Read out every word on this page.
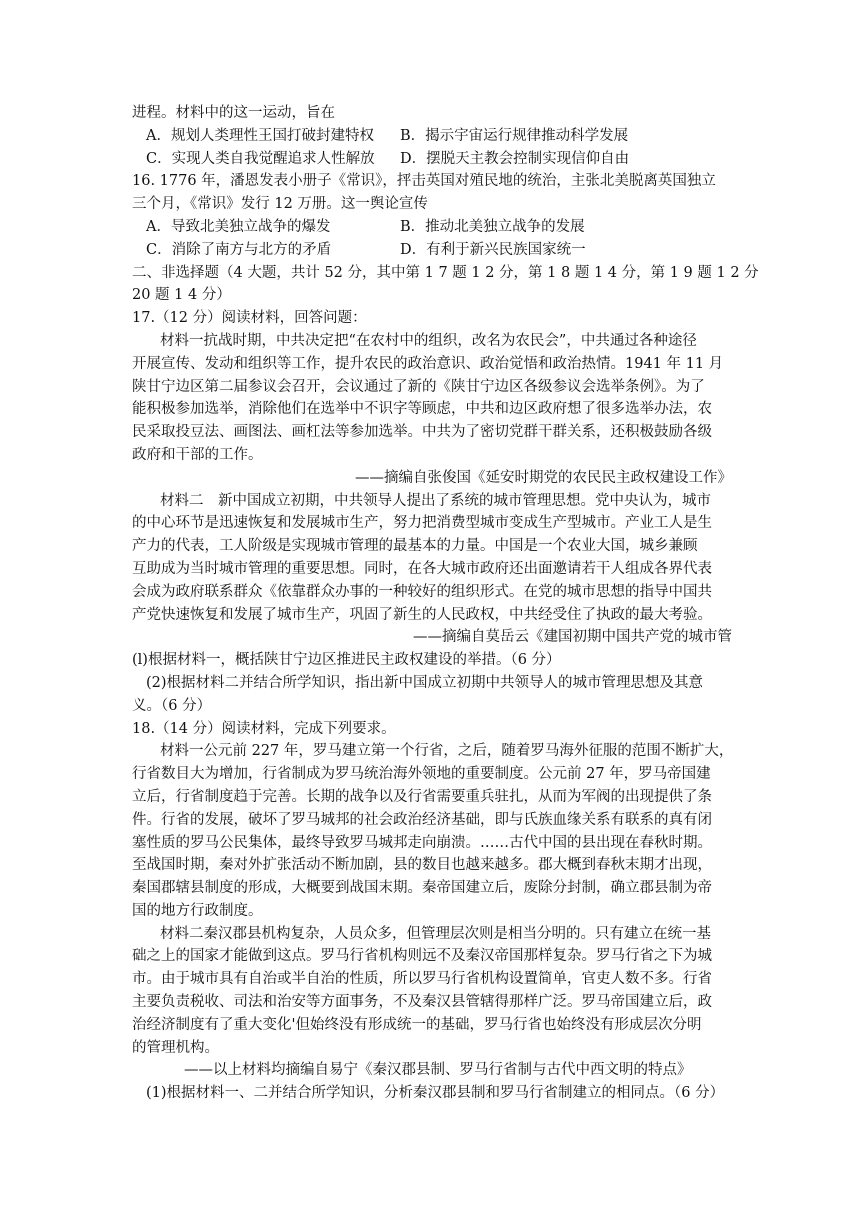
进程。材料中的这一运动，旨在
A．规划人类理性王国打破封建特权 B．揭示宇宙运行规律推动科学发展
C．实现人类自我觉醒追求人性解放 D．摆脱天主教会控制实现信仰自由
16. 1776 年，潘恩发表小册子《常识》，抨击英国对殖民地的统治，主张北美脱离英国独立
三个月，《常识》发行 12 万册。这一舆论宣传
A．导致北美独立战争的爆发	B．推动北美独立战争的发展
C．消除了南方与北方的矛盾	D．有利于新兴民族国家统一
二、非选择题（4 大题，共计 52 分，其中第 1 7 题 1 2 分，第 1 8 题 1 4 分，第 1 9 题 1 2 分
20 题 1 4 分）
17.（12 分）阅读材料，回答问题：
材料一抗战时期，中共决定把“在农村中的组织，改名为农民会”，中共通过各种途径
开展宣传、发动和组织等工作，提升农民的政治意识、政治觉悟和政治热情。1941 年 11 月
陕甘宁边区第二届参议会召开，会议通过了新的《陕甘宁边区各级参议会选举条例》。为了
能积极参加选举，消除他们在选举中不识字等顾虑，中共和边区政府想了很多选举办法，农
民采取投豆法、画图法、画杠法等参加选举。中共为了密切党群干群关系，还积极鼓励各级
政府和干部的工作。
——摘编自张俊国《延安时期党的农民民主政权建设工作》
材料二　新中国成立初期，中共领导人提出了系统的城市管理思想。党中央认为，城市
的中心环节是迅速恢复和发展城市生产，努力把消费型城市变成生产型城市。产业工人是生
产力的代表，工人阶级是实现城市管理的最基本的力量。中国是一个农业大国，城乡兼顾
互助成为当时城市管理的重要思想。同时，在各大城市政府还出面邀请若干人组成各界代表
会成为政府联系群众《依靠群众办事的一种较好的组织形式。在党的城市思想的指导中国共
产党快速恢复和发展了城市生产，巩固了新生的人民政权，中共经受住了执政的最大考验。
——摘编自莫岳云《建国初期中国共产党的城市管
(l)根据材料一，概括陕甘宁边区推进民主政权建设的举措。（6 分）
(2)根据材料二并结合所学知识，指出新中国成立初期中共领导人的城市管理思想及其意
义。（6 分）
18.（14 分）阅读材料，完成下列要求。
材料一公元前 227 年，罗马建立第一个行省，之后，随着罗马海外征服的范围不断扩大，
行省数目大为增加，行省制成为罗马统治海外领地的重要制度。公元前 27 年，罗马帝国建
立后，行省制度趋于完善。长期的战争以及行省需要重兵驻扎，从而为军阀的出现提供了条
件。行省的发展，破坏了罗马城邦的社会政治经济基础，即与氏族血缘关系有联系的真有闭
塞性质的罗马公民集体，最终导致罗马城邦走向崩溃。……古代中国的县出现在春秋时期。
至战国时期，秦对外扩张活动不断加剧，县的数目也越来越多。郡大概到春秋末期才出现，
秦国郡辖县制度的形成，大概要到战国末期。秦帝国建立后，废除分封制，确立郡县制为帝
国的地方行政制度。
材料二秦汉郡县机构复杂，人员众多，但管理层次则是相当分明的。只有建立在统一基
础之上的国家才能做到这点。罗马行省机构则远不及秦汉帝国那样复杂。罗马行省之下为城
市。由于城市具有自治或半自治的性质，所以罗马行省机构设置简单，官吏人数不多。行省
主要负责税收、司法和治安等方面事务，不及秦汉县管辖得那样广泛。罗马帝国建立后，政
治经济制度有了重大变化'但始终没有形成统一的基础，罗马行省也始终没有形成层次分明
的管理机构。
——以上材料均摘编自易宁《秦汉郡县制、罗马行省制与古代中西文明的特点》
(1)根据材料一、二并结合所学知识，分析秦汉郡县制和罗马行省制建立的相同点。（6 分）
